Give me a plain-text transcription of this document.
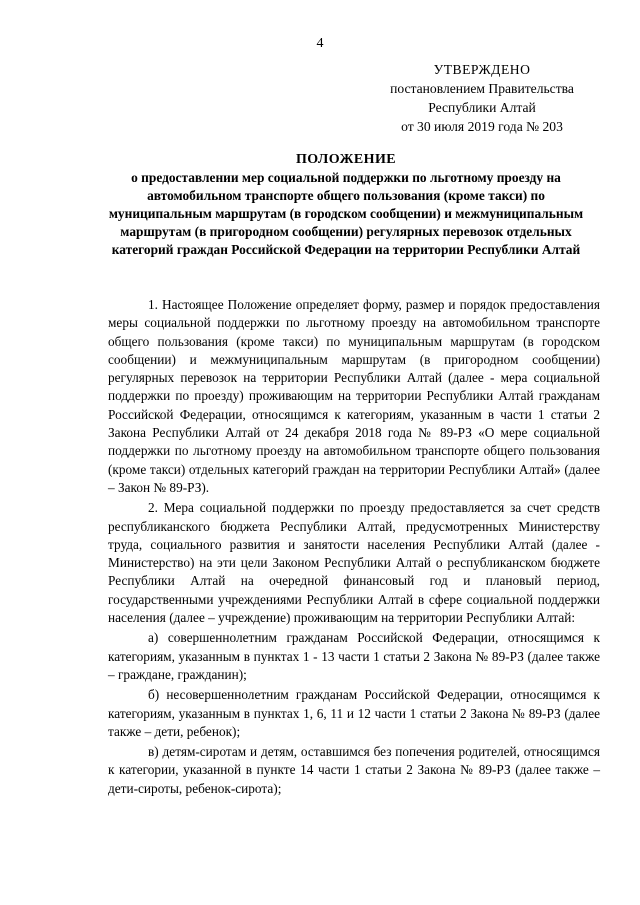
4
УТВЕРЖДЕНО
постановлением Правительства
Республики Алтай
от 30 июля 2019 года № 203
ПОЛОЖЕНИЕ
о предоставлении мер социальной поддержки по льготному проезду на автомобильном транспорте общего пользования (кроме такси) по муниципальным маршрутам (в городском сообщении) и межмуниципальным маршрутам (в пригородном сообщении) регулярных перевозок отдельных категорий граждан Российской Федерации на территории Республики Алтай

1. Настоящее Положение определяет форму, размер и порядок предоставления меры социальной поддержки по льготному проезду на автомобильном транспорте общего пользования (кроме такси) по муниципальным маршрутам (в городском сообщении) и межмуниципальным маршрутам (в пригородном сообщении) регулярных перевозок на территории Республики Алтай (далее - мера социальной поддержки по проезду) проживающим на территории Республики Алтай гражданам Российской Федерации, относящимся к категориям, указанным в части 1 статьи 2 Закона Республики Алтай от 24 декабря 2018 года № 89-РЗ «О мере социальной поддержки по льготному проезду на автомобильном транспорте общего пользования (кроме такси) отдельных категорий граждан на территории Республики Алтай» (далее – Закон № 89-РЗ).

2. Мера социальной поддержки по проезду предоставляется за счет средств республиканского бюджета Республики Алтай, предусмотренных Министерству труда, социального развития и занятости населения Республики Алтай (далее - Министерство) на эти цели Законом Республики Алтай о республиканском бюджете Республики Алтай на очередной финансовый год и плановый период, государственными учреждениями Республики Алтай в сфере социальной поддержки населения (далее – учреждение) проживающим на территории Республики Алтай:

а) совершеннолетним гражданам Российской Федерации, относящимся к категориям, указанным в пунктах 1 - 13 части 1 статьи 2 Закона № 89-РЗ (далее также – граждане, гражданин);

б) несовершеннолетним гражданам Российской Федерации, относящимся к категориям, указанным в пунктах 1, 6, 11 и 12 части 1 статьи 2 Закона № 89-РЗ (далее также – дети, ребенок);

в) детям-сиротам и детям, оставшимся без попечения родителей, относящимся к категории, указанной в пункте 14 части 1 статьи 2 Закона № 89-РЗ (далее также – дети-сироты, ребенок-сирота);
